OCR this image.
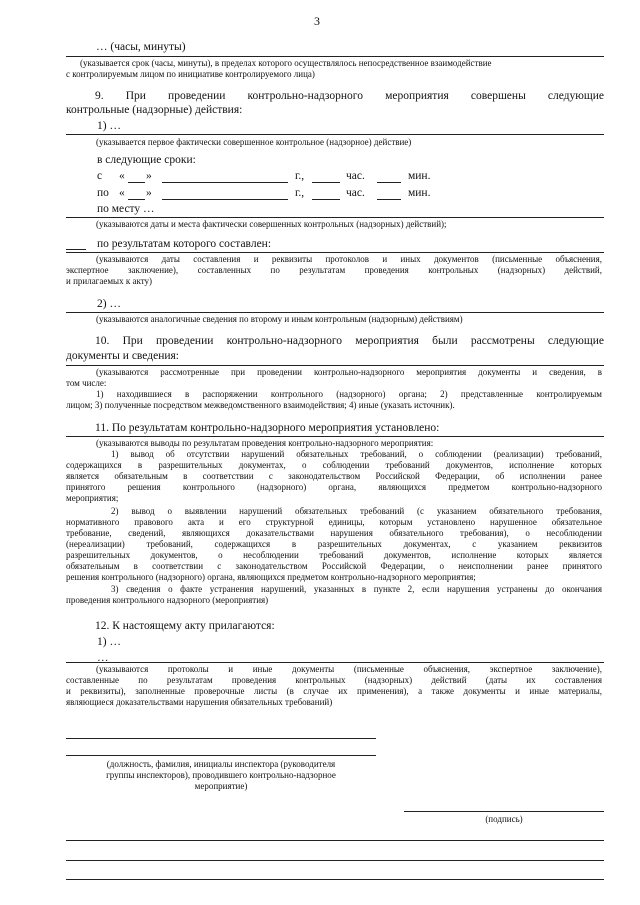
3
… (часы, минуты)
(указывается срок (часы, минуты), в пределах которого осуществлялось непосредственное взаимодействие
с контролируемым лицом по инициативе контролируемого лица)
9. При проведении контрольно-надзорного мероприятия совершены следующие
контрольные (надзорные) действия:
1) …
(указывается первое фактически совершенное контрольное (надзорное) действие)
в следующие сроки:
с « »	г.,	час.	мин.
по « »	г.,	час.	мин.
по месту …
(указываются даты и места фактически совершенных контрольных (надзорных) действий);
по результатам которого составлен:
(указываются даты составления и реквизиты протоколов и иных документов (письменные объяснения,
экспертное заключение), составленных по результатам проведения контрольных (надзорных) действий,
и прилагаемых к акту)
2) …
(указываются аналогичные сведения по второму и иным контрольным (надзорным) действиям)
10. При проведении контрольно-надзорного мероприятия были рассмотрены следующие
документы и сведения:
(указываются рассмотренные при проведении контрольно-надзорного мероприятия документы и сведения, в
том числе:
1) находившиеся в распоряжении контрольного (надзорного) органа; 2) представленные контролируемым
лицом; 3) полученные посредством межведомственного взаимодействия; 4) иные (указать источник).
11. По результатам контрольно-надзорного мероприятия установлено:
(указываются выводы по результатам проведения контрольно-надзорного мероприятия:
1) вывод об отсутствии нарушений обязательных требований, о соблюдении (реализации) требований,
содержащихся в разрешительных документах, о соблюдении требований документов, исполнение которых
является обязательным в соответствии с законодательством Российской Федерации, об исполнении ранее
принятого решения контрольного (надзорного) органа, являющихся предметом контрольно-надзорного
мероприятия;
2) вывод о выявлении нарушений обязательных требований (с указанием обязательного требования,
нормативного правового акта и его структурной единицы, которым установлено нарушенное обязательное
требование, сведений, являющихся доказательствами нарушения обязательного требования), о несоблюдении
(нереализации) требований, содержащихся в разрешительных документах, с указанием реквизитов
разрешительных документов, о несоблюдении требований документов, исполнение которых является
обязательным в соответствии с законодательством Российской Федерации, о неисполнении ранее принятого
решения контрольного (надзорного) органа, являющихся предметом контрольно-надзорного мероприятия;
3) сведения о факте устранения нарушений, указанных в пункте 2, если нарушения устранены до окончания
проведения контрольного надзорного (мероприятия)
12. К настоящему акту прилагаются:
1) …
…
(указываются протоколы и иные документы (письменные объяснения, экспертное заключение),
составленные по результатам проведения контрольных (надзорных) действий (даты их составления
и реквизиты), заполненные проверочные листы (в случае их применения), а также документы и иные материалы,
являющиеся доказательствами нарушения обязательных требований)
(должность, фамилия, инициалы инспектора (руководителя
группы инспекторов), проводившего контрольно-надзорное
мероприятие)
(подпись)
